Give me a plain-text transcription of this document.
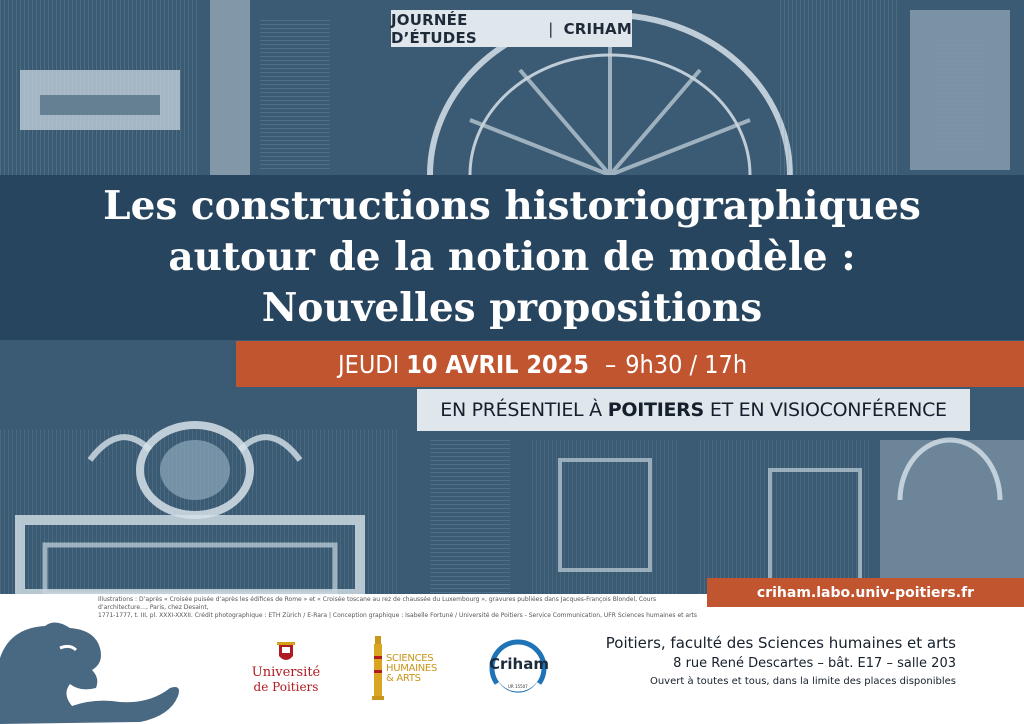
JOURNÉE D’ÉTUDES	| CRIHAM
Les constructions historiographiques
autour de la notion de modèle :
Nouvelles propositions
JEUDI 10 AVRIL 2025 – 9h30 / 17h
EN PRÉSENTIEL À POITIERS ET EN VISIOCONFÉRENCE
criham.labo.univ-poitiers.fr
Illustrations : D’après « Croisée puisée d’après les édifices de Rome » et « Croisée toscane au rez de chaussée du Luxembourg », gravures publiées dans Jacques-François Blondel, Cours d’architecture…, Paris, chez Desaint,
1771-1777, t. III, pl. XXXI-XXXII. Crédit photographique : ETH Zürich / E-Rara | Conception graphique : Isabelle Fortuné / Université de Poitiers - Service Communication, UFR Sciences humaines et arts
Université
de Poitiers
SCIENCES
HUMAINES
& ARTS
Criham
UR 15507
Poitiers, faculté des Sciences humaines et arts
8 rue René Descartes – bât. E17 – salle 203
Ouvert à toutes et tous, dans la limite des places disponibles
